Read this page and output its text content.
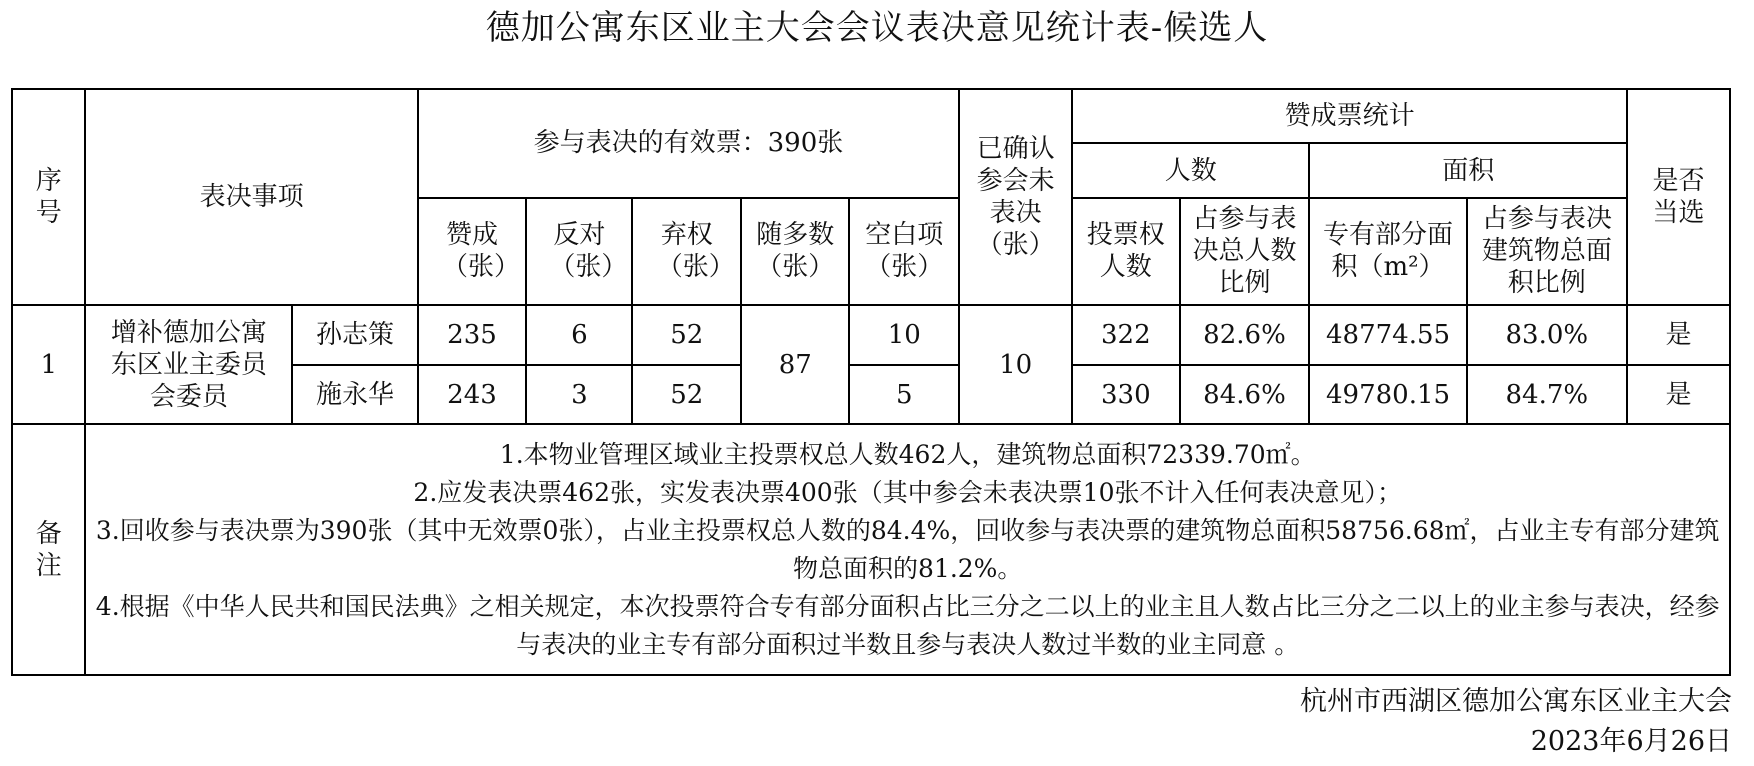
德加公寓东区业主大会会议表决意见统计表-候选人
序号	表决事项		参与表决的有效票：390张					已确认参会未表决（张）	赞成票统计				是否当选

									人数		面积		

			赞成（张）	反对（张）	弃权（张）	随多数（张）	空白项（张）		投票权人数	占参与表决总人数比例	专有部分面积（m²）	占参与表决建筑物总面积比例	

1	增补德加公寓东区业主委员会委员	孙志策	235	6	52	87	10	10	322	82.6%	48774.55	83.0%	是
		施永华	243	3	52		5		330	84.6%	49780.15	84.7%	是

备注	1.本物业管理区域业主投票权总人数462人，建筑物总面积72339.70㎡。
2.应发表决票462张，实发表决票400张（其中参会未表决票10张不计入任何表决意见）；
3.回收参与表决票为390张（其中无效票0张），占业主投票权总人数的84.4%，回收参与表决票的建筑物总面积58756.68㎡，占业主专有部分建筑物总面积的81.2%。
4.根据《中华人民共和国民法典》之相关规定，本次投票符合专有部分面积占比三分之二以上的业主且人数占比三分之二以上的业主参与表决，经参与表决的业主专有部分面积过半数且参与表决人数过半数的业主同意 。												
杭州市西湖区德加公寓东区业主大会
2023年6月26日
